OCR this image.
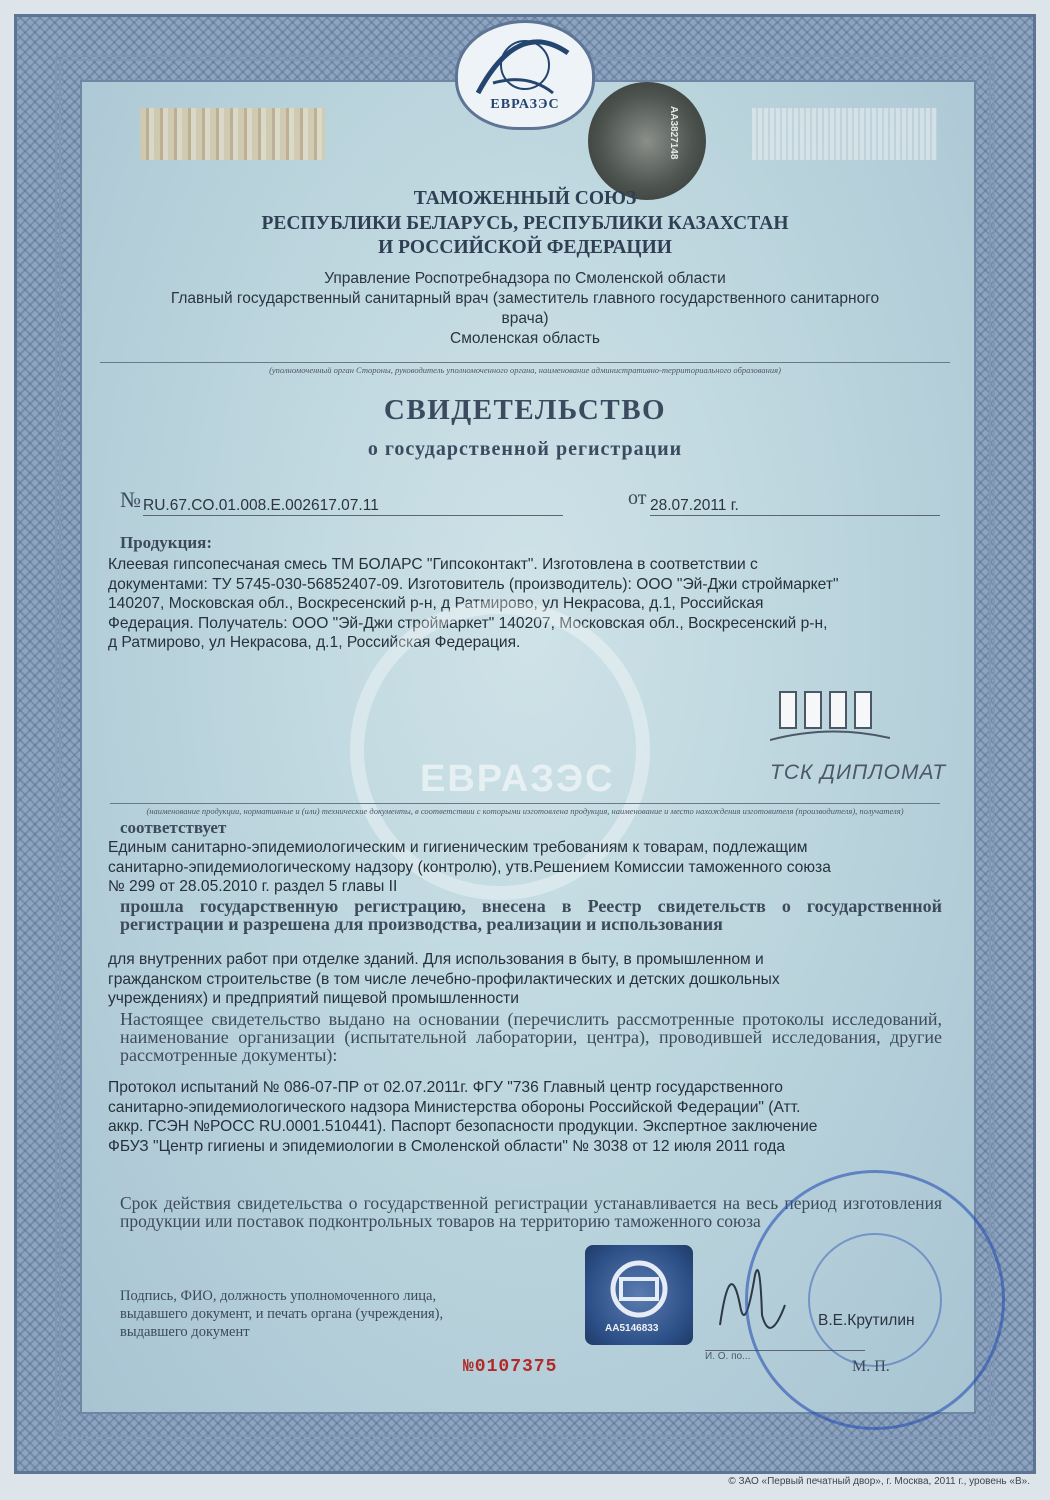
ЕВРАЗЭС
AA3827148
ТАМОЖЕННЫЙ СОЮЗ
РЕСПУБЛИКИ БЕЛАРУСЬ, РЕСПУБЛИКИ КАЗАХСТАН
И РОССИЙСКОЙ ФЕДЕРАЦИИ
Управление Роспотребнадзора по Смоленской области
Главный государственный санитарный врач (заместитель главного государственного санитарного
врача)
Смоленская область
(уполномоченный орган Стороны, руководитель уполномоченного органа, наименование административно-территориального образования)
СВИДЕТЕЛЬСТВО
о государственной регистрации
№ RU.67.CO.01.008.E.002617.07.11	от 28.07.2011 г.
Продукция:
Клеевая гипсопесчаная смесь ТМ БОЛАРС "Гипсоконтакт". Изготовлена в соответствии с
документами: ТУ 5745-030-56852407-09. Изготовитель (производитель): ООО "Эй-Джи строймаркет"
140207, Московская обл., Воскресенский р-н, д Ратмирово, ул Некрасова, д.1, Российская
Федерация. Получатель: ООО "Эй-Джи строймаркет" 140207, Московская обл., Воскресенский р-н,
д Ратмирово, ул Некрасова, д.1, Российская Федерация.
ЕВРАЗЭС	ТСК ДИПЛОМАТ
(наименование продукции, нормативные и (или) технические документы, в соответствии с которыми изготовлена продукция, наименование и место нахождения изготовителя (производителя), получателя)
соответствует
Единым санитарно-эпидемиологическим и гигиеническим требованиям к товарам, подлежащим
санитарно-эпидемиологическому надзору (контролю), утв.Решением Комиссии таможенного союза
№ 299 от 28.05.2010 г. раздел 5 главы II
прошла государственную регистрацию, внесена в Реестр свидетельств о государственной регистрации и разрешена для производства, реализации и использования
для внутренних работ при отделке зданий. Для использования в быту, в промышленном и
гражданском строительстве (в том числе лечебно-профилактических и детских дошкольных
учреждениях) и предприятий пищевой промышленности
Настоящее свидетельство выдано на основании (перечислить рассмотренные протоколы исследований, наименование организации (испытательной лаборатории, центра), проводившей исследования, другие рассмотренные документы):
Протокол испытаний № 086-07-ПР от 02.07.2011г. ФГУ "736 Главный центр государственного
санитарно-эпидемиологического надзора Министерства обороны Российской Федерации" (Атт.
аккр. ГСЭН №РОСС RU.0001.510441). Паспорт безопасности продукции. Экспертное заключение
ФБУЗ "Центр гигиены и эпидемиологии в Смоленской области" № 3038 от 12 июля 2011 года
Срок действия свидетельства о государственной регистрации устанавливается на весь период изготовления продукции или поставок подконтрольных товаров на территорию таможенного союза
Подпись, ФИО, должность уполномоченного лица,
выдавшего документ, и печать органа (учреждения),
выдавшего документ	AA5146833
И. О. по...
В.Е.Крутилин
М. П.
№0107375
© ЗАО «Первый печатный двор», г. Москва, 2011 г., уровень «В».
